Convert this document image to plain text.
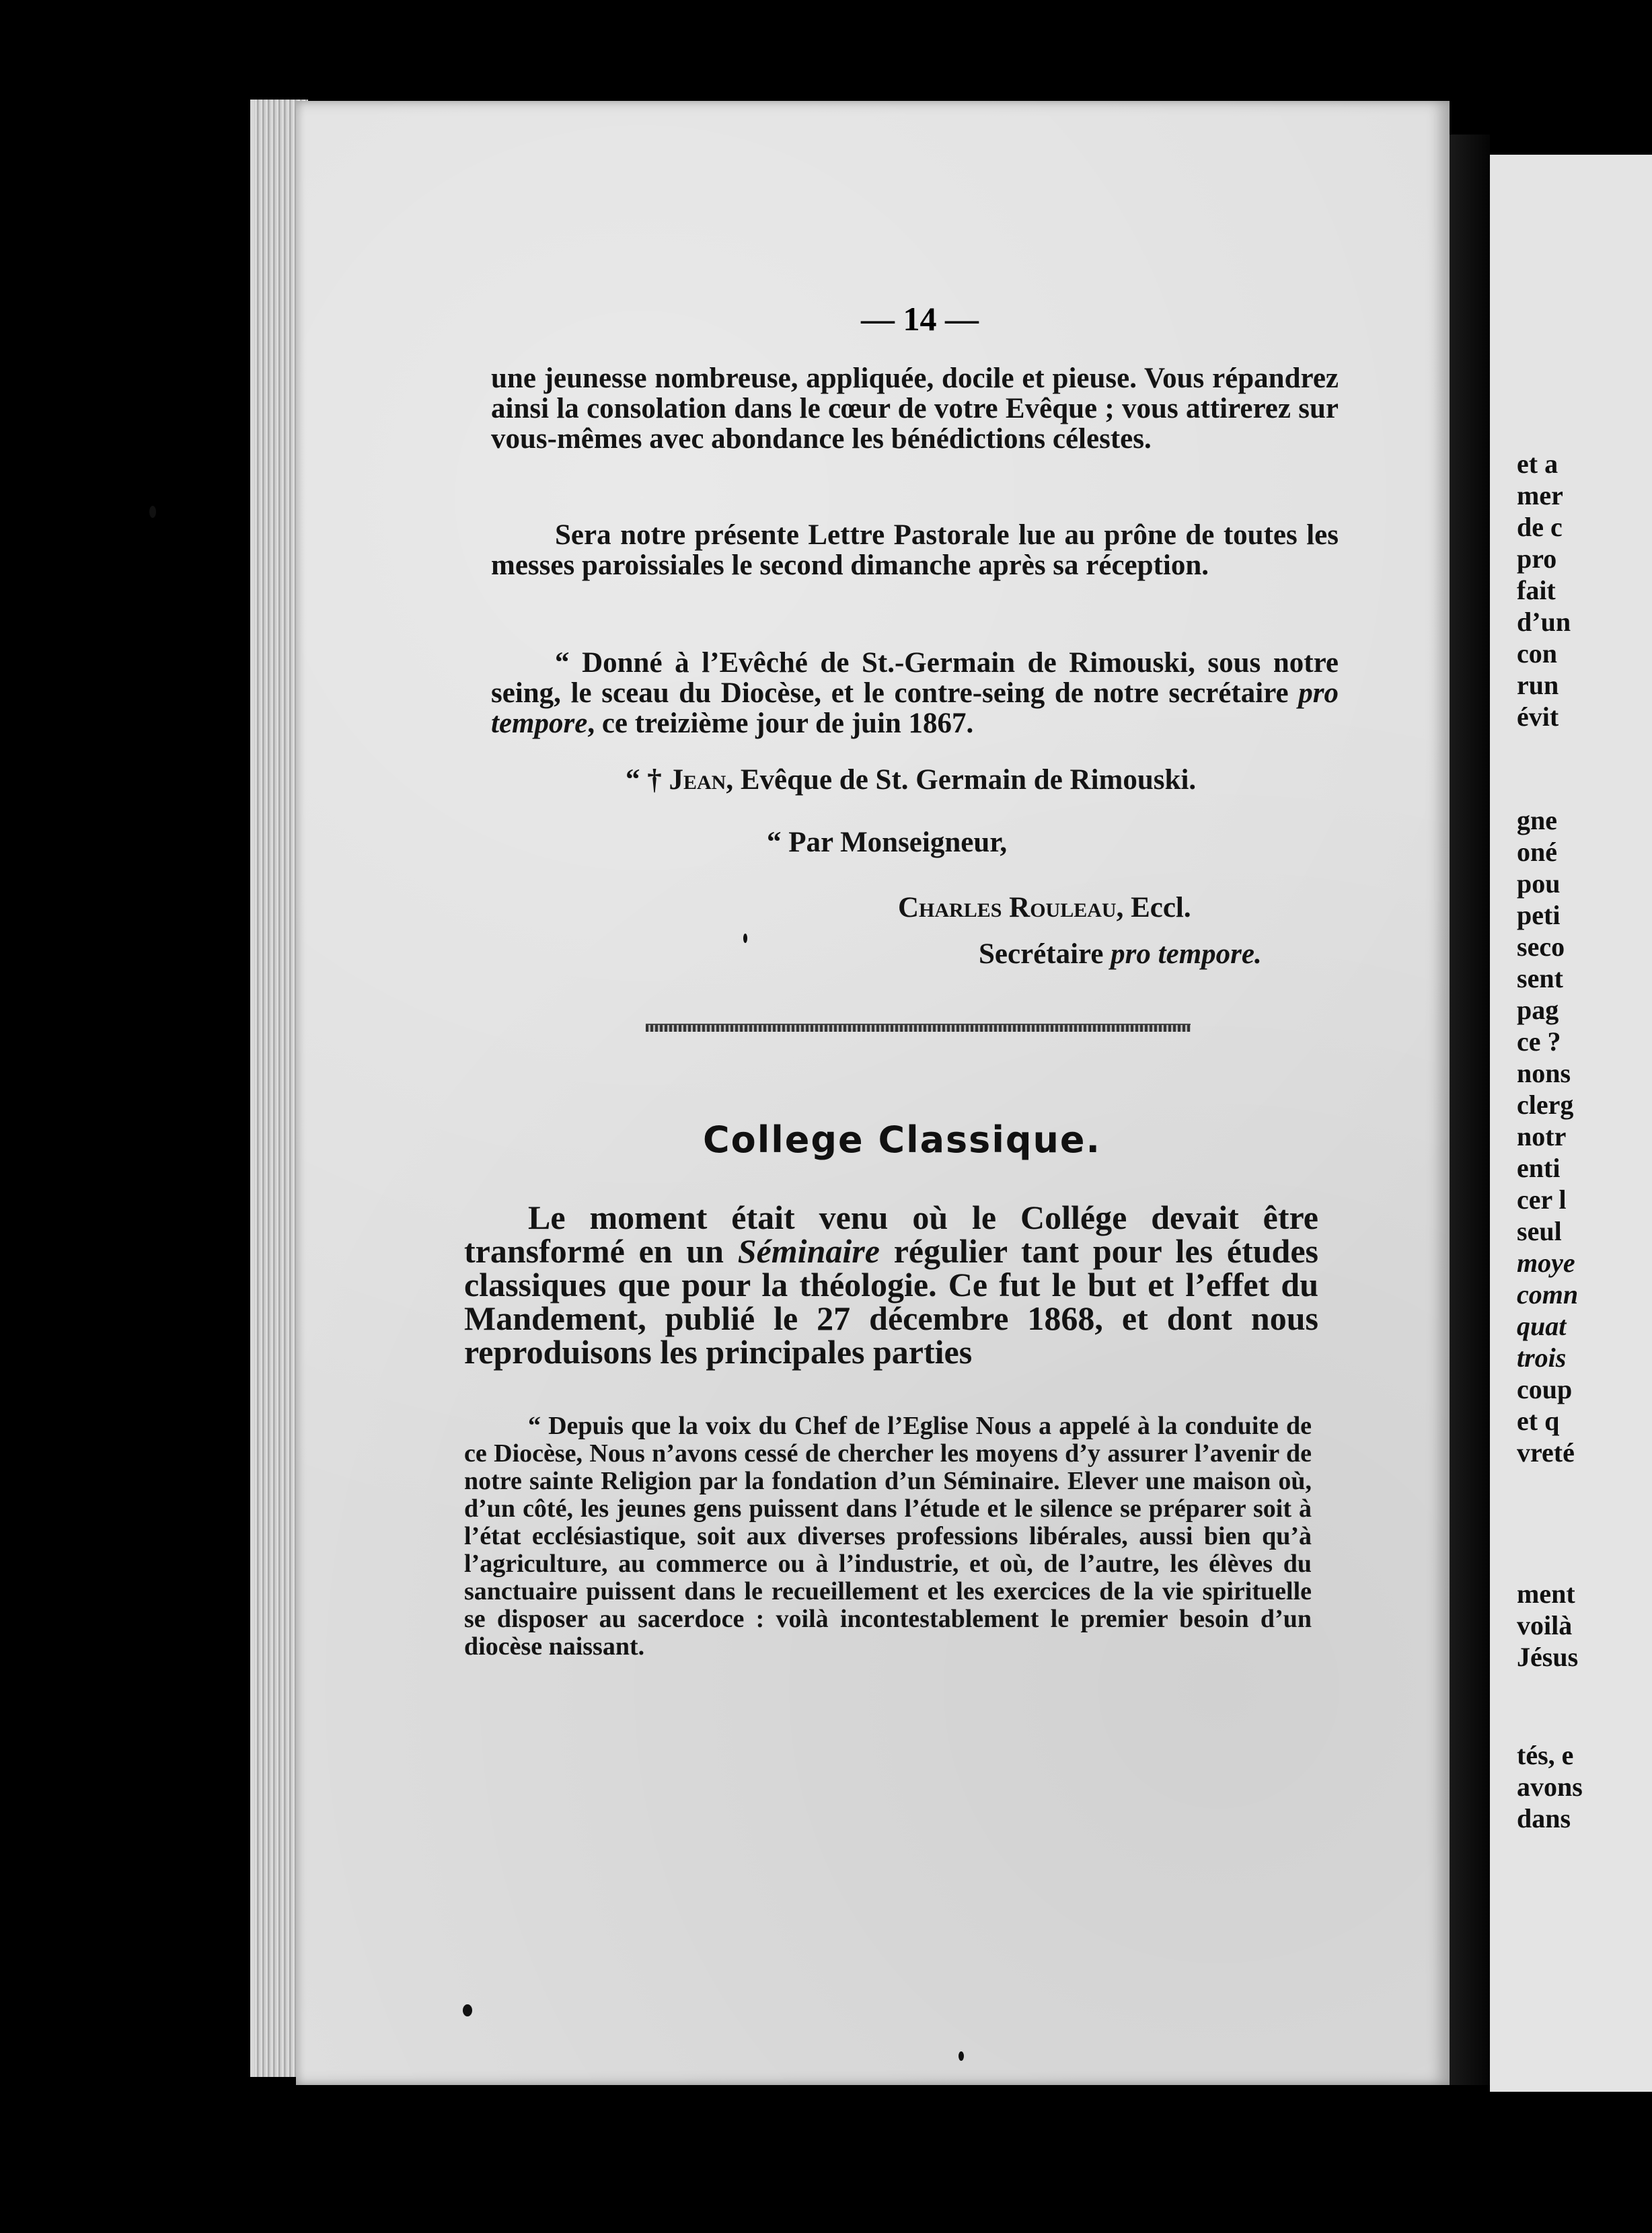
et a
mer
de c
pro
fait
d’un
con
run
évit
gne
oné
pou
peti
seco
sent
pag
ce ?
nons
clerg
notr
enti
cer l
seul
moye
comn
quat
trois
coup
et q
vreté
ment
voilà
Jésus
tés, e
avons
dans
— 14 —

une jeunesse nombreuse, appliquée, docile et pieuse. Vous répandrez ainsi la consolation dans le cœur de votre Evêque ; vous attirerez sur vous-mêmes avec abondance les bénédictions célestes.

Sera notre présente Lettre Pastorale lue au prône de toutes les messes paroissiales le second dimanche après sa réception.

“ Donné à l’Evêché de St.-Germain de Rimouski, sous notre seing, le sceau du Diocèse, et le contre-seing de notre secrétaire pro tempore, ce treizième jour de juin 1867.

“ † Jean, Evêque de St. Germain de Rimouski.
“ Par Monseigneur,
Charles Rouleau, Eccl.
Secrétaire pro tempore.
College Classique.

Le moment était venu où le Collége devait être transformé en un Séminaire régulier tant pour les études classiques que pour la théologie. Ce fut le but et l’effet du Mandement, publié le 27 décembre 1868, et dont nous reproduisons les principales parties

“ Depuis que la voix du Chef de l’Eglise Nous a appelé à la conduite de ce Diocèse, Nous n’avons cessé de chercher les moyens d’y assurer l’avenir de notre sainte Religion par la fondation d’un Séminaire. Elever une maison où, d’un côté, les jeunes gens puissent dans l’étude et le silence se préparer soit à l’état ecclésiastique, soit aux diverses professions libérales, aussi bien qu’à l’agriculture, au commerce ou à l’industrie, et où, de l’autre, les élèves du sanctuaire puissent dans le recueillement et les exercices de la vie spirituelle se disposer au sacerdoce : voilà incontestablement le premier besoin d’un diocèse naissant.
